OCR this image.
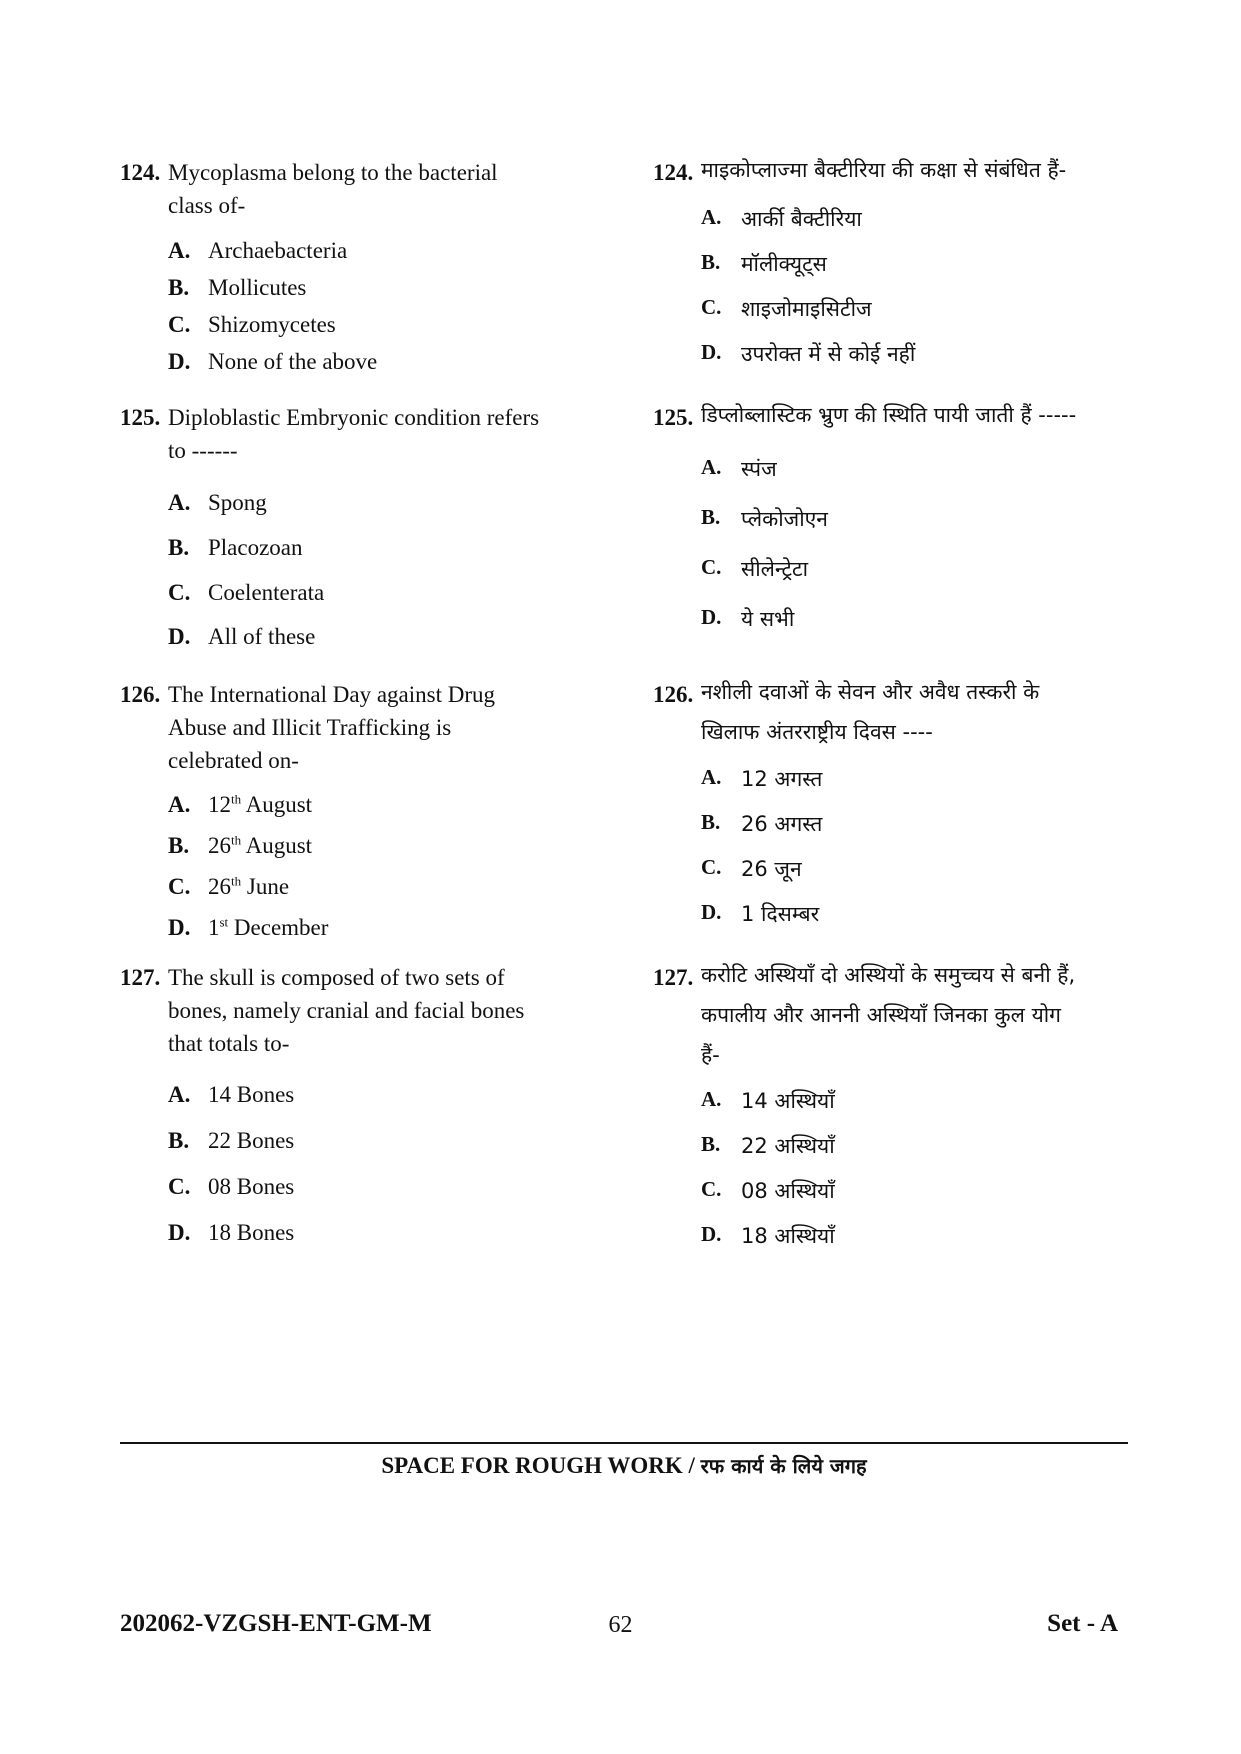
124. Mycoplasma belong to the bacterial
class of-
A. Archaebacteria
B. Mollicutes
C. Shizomycetes
D. None of the above
125. Diploblastic Embryonic condition refers
to ------
A. Spong
B. Placozoan
C. Coelenterata
D. All of these
126. The International Day against Drug
Abuse and Illicit Trafficking is
celebrated on-
A. 12th August
B. 26th August
C. 26th June
D. 1st December
127. The skull is composed of two sets of
bones, namely cranial and facial bones
that totals to-
A. 14 Bones
B. 22 Bones
C. 08 Bones
D. 18 Bones
124. माइकोप्लाज्मा बैक्टीरिया की कक्षा से संबंधित हैं-
A. आर्की बैक्टीरिया
B. मॉलीक्यूट्स
C. शाइजोमाइसिटीज
D. उपरोक्त में से कोई नहीं
125. डिप्लोब्लास्टिक भ्रुण की स्थिति पायी जाती हैं -----
A. स्पंज
B. प्लेकोजोएन
C. सीलेन्ट्रेटा
D. ये सभी
126. नशीली दवाओं के सेवन और अवैध तस्करी के
खिलाफ अंतरराष्ट्रीय दिवस ----
A. 12 अगस्त
B. 26 अगस्त
C. 26 जून
D. 1 दिसम्बर
127. करोटि अस्थियाँ दो अस्थियों के समुच्चय से बनी हैं,
कपालीय और आननी अस्थियाँ जिनका कुल योग
हैं-
A. 14 अस्थियाँ
B. 22 अस्थियाँ
C. 08 अस्थियाँ
D. 18 अस्थियाँ
SPACE FOR ROUGH WORK / रफ कार्य के लिये जगह
202062-VZGSH-ENT-GM-M	62	Set - A
